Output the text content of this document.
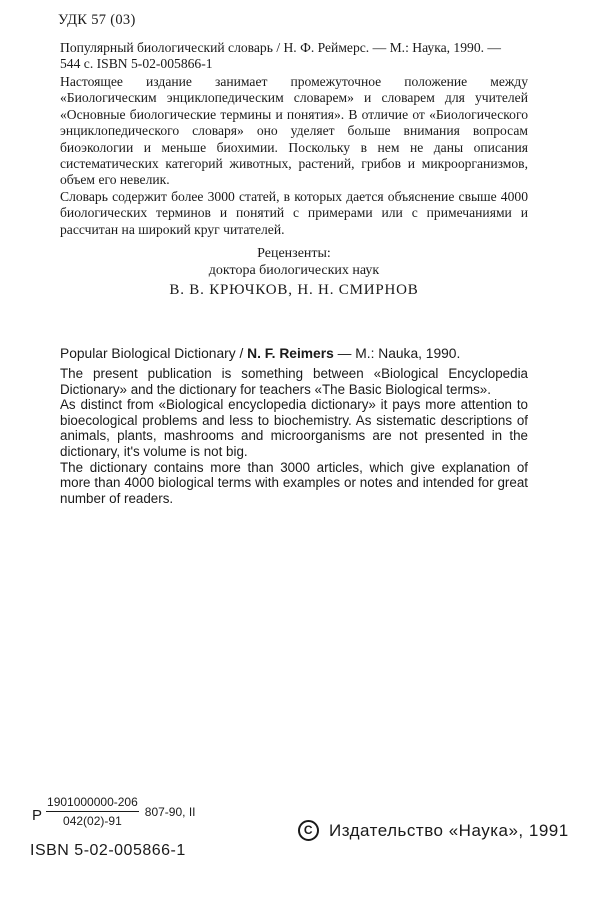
УДК 57 (03)

Популярный биологический словарь / Н. Ф. Реймерс. — М.: Наука, 1990. —

544 с. ISBN 5-02-005866-1

Настоящее издание занимает промежуточное положение между «Биологическим энциклопедическим словарем» и словарем для учителей «Основные биологические термины и понятия». В отличие от «Биологического энциклопедического словаря» оно уделяет больше внимания вопросам биоэкологии и меньше биохимии. Поскольку в нем не даны описания систематических категорий животных, растений, грибов и микроорганизмов, объем его невелик.

Словарь содержит более 3000 статей, в которых дается объяснение свыше 4000 биологических терминов и понятий с примерами или с примечаниями и рассчитан на широкий круг читателей.

Рецензенты:
доктора биологических наук
В. В. КРЮЧКОВ, Н. Н. СМИРНОВ
Popular Biological Dictionary / N. F. Reimers — M.: Nauka, 1990.

The present publication is something between «Biological Encyclopedia Dictionary» and the dictionary for teachers «The Basic Biological terms».

As distinct from «Biological encyclopedia dictionary» it pays more attention to bioecological problems and less to biochemistry. As sistematic descriptions of animals, plants, mashrooms and microorganisms are not presented in the dictionary, it's volume is not big.

The dictionary contains more than 3000 articles, which give explanation of more than 4000 biological terms with examples or notes and intended for great number of readers.

Р $\frac{1901000000-206}{042(02)-91} 807-90$, II
C Издательство «Наука», 1991
ISBN 5-02-005866-1
